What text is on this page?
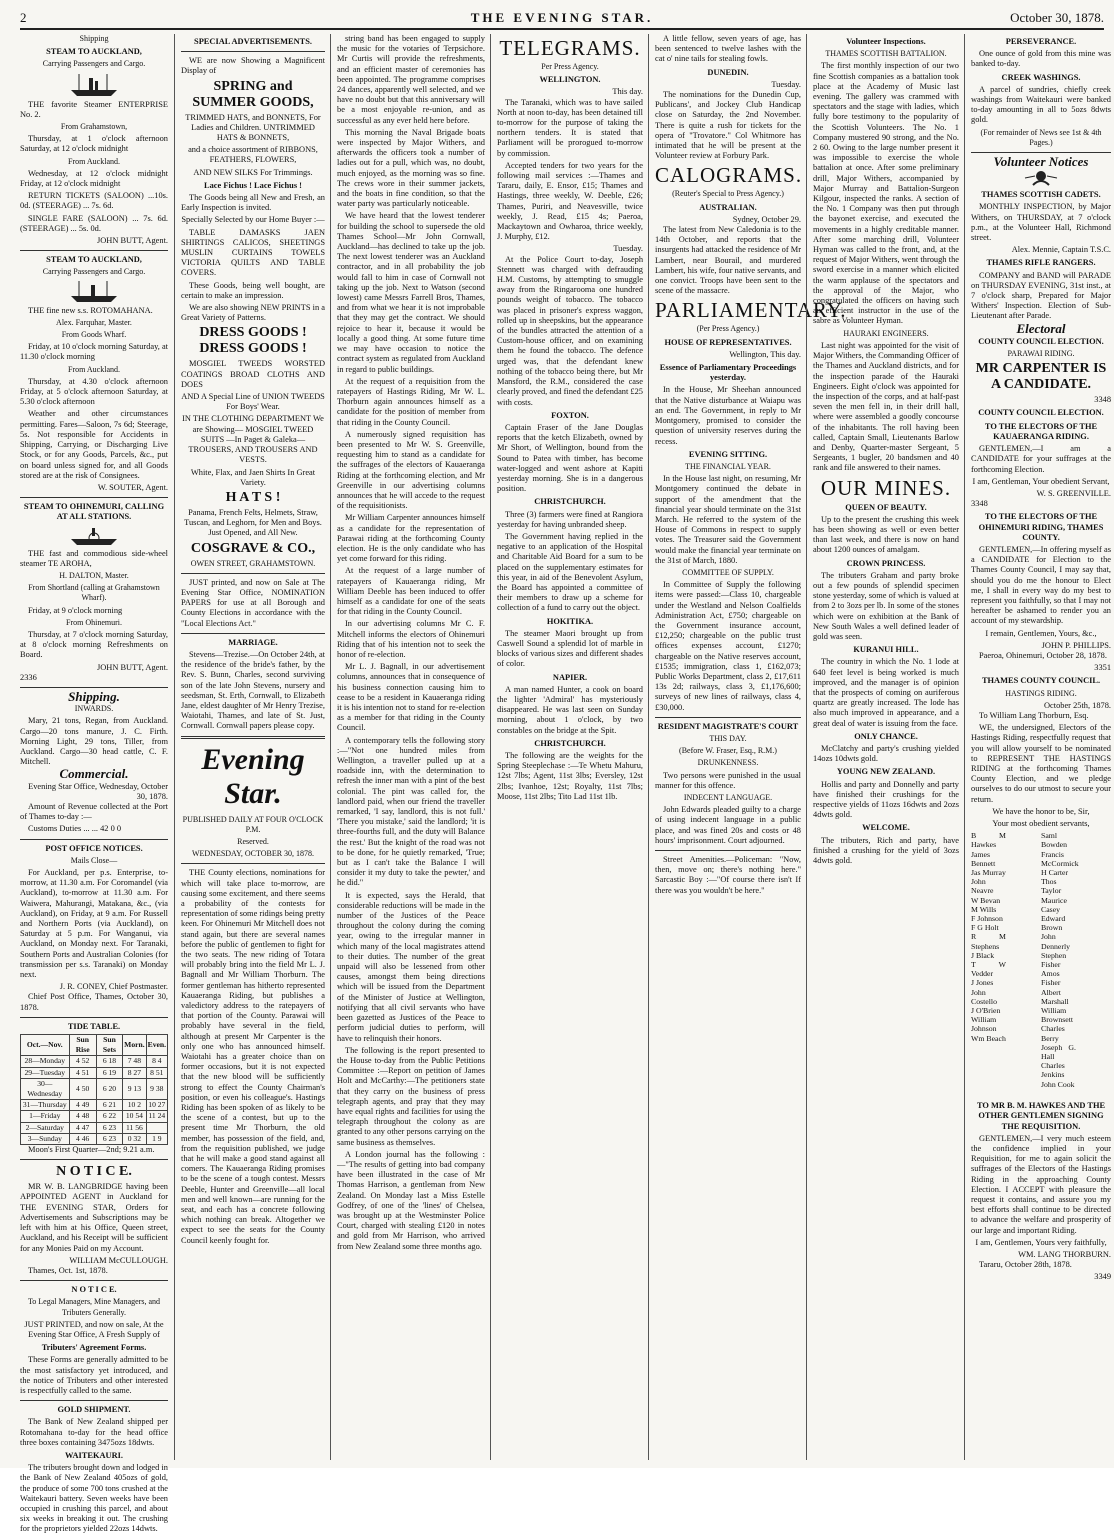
2	THE EVENING STAR.	October 30, 1878.
Shipping
STEAM TO AUCKLAND,
Carrying Passengers and Cargo.

THE favorite Steamer ENTERPRISE No. 2.

From Grahamstown,

Thursday, at 1 o'clock afternoon Saturday, at 12 o'clock midnight

From Auckland.

Wednesday, at 12 o'clock midnight Friday, at 12 o'clock midnight

RETURN TICKETS (SALOON) ...10s. 0d. (STEERAGE) ... 7s. 6d.

SINGLE FARE (SALOON) ... 7s. 6d. (STEERAGE) ... 5s. 0d.

JOHN BUTT, Agent.
STEAM TO AUCKLAND,
Carrying Passengers and Cargo.

THE fine new s.s. ROTOMAHANA.

Alex. Farquhar, Master.
From Goods Wharf.

Friday, at 10 o'clock morning Saturday, at 11.30 o'clock morning

From Auckland.

Thursday, at 4.30 o'clock afternoon Friday, at 5 o'clock afternoon Saturday, at 5.30 o'clock afternoon

Weather and other circumstances permitting. Fares—Saloon, 7s 6d; Steerage, 5s. Not responsible for Accidents in Shipping, Carrying, or Discharging Live Stock, or for any Goods, Parcels, &c., put on board unless signed for, and all Goods stored are at the risk of Consignees.

W. SOUTER, Agent.
STEAM TO OHINEMURI, CALLING AT ALL STATIONS.

THE fast and commodious side-wheel steamer TE AROHA,

H. DALTON, Master.
From Shortland (calling at Grahamstown Wharf).

Friday, at 9 o'clock morning

From Ohinemuri.

Thursday, at 7 o'clock morning Saturday, at 8 o'clock morning Refreshments on Board.

JOHN BUTT, Agent.
2336
Shipping.
INWARDS.

Mary, 21 tons, Regan, from Auckland. Cargo—20 tons manure, J. C. Firth. Morning Light, 29 tons, Tiller, from Auckland. Cargo—30 head cattle, C. F. Mitchell.

Commercial.
Evening Star Office, Wednesday, October 30, 1878.

Amount of Revenue collected at the Port of Thames to-day :—

Customs Duties ... ... 42 0 0

POST OFFICE NOTICES.
Mails Close—

For Auckland, per p.s. Enterprise, to-morrow, at 11.30 a.m. For Coromandel (via Auckland), to-morrow at 11.30 a.m. For Waiwera, Mahurangi, Matakana, &c., (via Auckland), on Friday, at 9 a.m. For Russell and Northern Ports (via Auckland), on Saturday at 5 p.m. For Wanganui, via Auckland, on Monday next. For Taranaki, Southern Ports and Australian Colonies (for transmission per s.s. Taranaki) on Monday next.

J. R. CONEY, Chief Postmaster.

Chief Post Office, Thames, October 30, 1878.

TIDE TABLE.
Oct.—Nov.	Sun Rise	Sun Sets	Morn.	Even.
28—Monday	4 52	6 18	7 48	8 4
29—Tuesday	4 51	6 19	8 27	8 51
30—Wednesday	4 50	6 20	9 13	9 38
31—Thursday	4 49	6 21	10 2	10 27
1—Friday	4 48	6 22	10 54	11 24
2—Saturday	4 47	6 23	11 56	
3—Sunday	4 46	6 23	0 32	1 9

Moon's First Quarter—2nd; 9.21 a.m.

N O T I C E.

MR W. B. LANGBRIDGE having been APPOINTED AGENT in Auckland for THE EVENING STAR, Orders for Advertisements and Subscriptions may be left with him at his Office, Queen street, Auckland, and his Receipt will be sufficient for any Monies Paid on my Account.

WILLIAM McCULLOUGH.

Thames, Oct. 1st, 1878.

N O T I C E.
To Legal Managers, Mine Managers, and Tributers Generally.

JUST PRINTED, and now on sale, At the Evening Star Office, A Fresh Supply of

Tributers' Agreement Forms.

These Forms are generally admitted to be the most satisfactory yet introduced, and the notice of Tributers and other interested is respectfully called to the same.

GOLD SHIPMENT.

The Bank of New Zealand shipped per Rotomahana to-day for the head office three boxes containing 3475ozs 18dwts.

WAITEKAURI.

The tributers brought down and lodged in the Bank of New Zealand 405ozs of gold, the produce of some 700 tons crushed at the Waitekauri battery. Seven weeks have been occupied in crushing this parcel, and about six weeks in breaking it out. The crushing for the proprietors yielded 22ozs 14dwts.

SPECIAL ADVERTISEMENTS.

WE are now Showing a Magnificent Display of

SPRING and SUMMER GOODS,

TRIMMED HATS, and BONNETS, For Ladies and Children. UNTRIMMED HATS & BONNETS,

and a choice assortment of RIBBONS, FEATHERS, FLOWERS,

AND NEW SILKS For Trimmings.

Lace Fichus ! Lace Fichus !

The Goods being all New and Fresh, an Early Inspection is invited.

Specially Selected by our Home Buyer :—

TABLE DAMASKS JAEN SHIRTINGS CALICOS, SHEETINGS MUSLIN CURTAINS TOWELS VICTORIA QUILTS AND TABLE COVERS.

These Goods, being well bought, are certain to make an impression.

We are also showing NEW PRINTS in a Great Variety of Patterns.

DRESS GOODS ! DRESS GOODS !

MOSGIEL TWEEDS WORSTED COATINGS BROAD CLOTHS AND DOES

AND A Special Line of UNION TWEEDS For Boys' Wear.

IN THE CLOTHING DEPARTMENT We are Showing— MOSGIEL TWEED SUITS —In Paget & Galeka— TROUSERS, AND TROUSERS AND VESTS.

White, Flax, and Jaen Shirts In Great Variety.

H A T S !

Panama, French Felts, Helmets, Straw, Tuscan, and Leghorn, for Men and Boys. Just Opened, and All New.

COSGRAVE & CO.,
OWEN STREET, GRAHAMSTOWN.

JUST printed, and now on Sale at The Evening Star Office, NOMINATION PAPERS for use at all Borough and County Elections in accordance with the "Local Elections Act."

MARRIAGE.

Stevens—Trezise.—On October 24th, at the residence of the bride's father, by the Rev. S. Bunn, Charles, second surviving son of the late John Stevens, nursery and seedsman, St. Erth, Cornwall, to Elizabeth Jane, eldest daughter of Mr Henry Trezise, Waiotahi, Thames, and late of St. Just, Cornwall. Cornwall papers please copy.

Evening Star.
PUBLISHED DAILY AT FOUR O'CLOCK P.M.
Reserved.
WEDNESDAY, OCTOBER 30, 1878.

THE County elections, nominations for which will take place to-morrow, are causing some excitement, and there seems a probability of the contests for representation of some ridings being pretty keen. For Ohinemuri Mr Mitchell does not stand again, but there are several names before the public of gentlemen to fight for the two seats. The new riding of Totara will probably bring into the field Mr L. J. Bagnall and Mr William Thorburn. The former gentleman has hitherto represented Kauaeranga Riding, but publishes a valedictory address to the ratepayers of that portion of the County. Parawai will probably have several in the field, although at present Mr Carpenter is the only one who has announced himself. Waiotahi has a greater choice than on former occasions, but it is not expected that the new blood will be sufficiently strong to effect the County Chairman's position, or even his colleague's. Hastings Riding has been spoken of as likely to be the scene of a contest, but up to the present time Mr Thorburn, the old member, has possession of the field, and, from the requisition published, we judge that he will make a good stand against all comers. The Kauaeranga Riding promises to be the scene of a tough contest. Messrs Deeble, Hunter and Greenville—all local men and well known—are running for the seat, and each has a concrete following which nothing can break. Altogether we expect to see the seats for the County Council keenly fought for.

string band has been engaged to supply the music for the votaries of Terpsichore. Mr Curtis will provide the refreshments, and an efficient master of ceremonies has been appointed. The programme comprises 24 dances, apparently well selected, and we have no doubt but that this anniversary will be a most enjoyable re-union, and as successful as any ever held here before.

This morning the Naval Brigade boats were inspected by Major Withers, and afterwards the officers took a number of ladies out for a pull, which was, no doubt, much enjoyed, as the morning was so fine. The crews wore in their summer jackets, and the boats in fine condition, so that the water party was particularly noticeable.

We have heard that the lowest tenderer for building the school to supersede the old Thames School—Mr John Cornwall, Auckland—has declined to take up the job. The next lowest tenderer was an Auckland contractor, and in all probability the job would fall to him in case of Cornwall not taking up the job. Next to Watson (second lowest) came Messrs Farrell Bros, Thames, and from what we hear it is not improbable that they may get the contract. We should rejoice to hear it, because it would be locally a good thing. At some future time we may have occasion to notice the contract system as regulated from Auckland in regard to public buildings.

At the request of a requisition from the ratepayers of Hastings Riding, Mr W. L. Thorburn again announces himself as a candidate for the position of member from that riding in the County Council.

A numerously signed requisition has been presented to Mr W. S. Greenville, requesting him to stand as a candidate for the suffrages of the electors of Kauaeranga Riding at the forthcoming election, and Mr Greenville in our advertising columns announces that he will accede to the request of the requisitionists.

Mr William Carpenter announces himself as a candidate for the representation of Parawai riding at the forthcoming County election. He is the only candidate who has yet come forward for this riding.

At the request of a large number of ratepayers of Kauaeranga riding, Mr William Deeble has been induced to offer himself as a candidate for one of the seats for that riding in the County Council.

In our advertising columns Mr C. F. Mitchell informs the electors of Ohinemuri Riding that of his intention not to seek the honor of re-election.

Mr L. J. Bagnall, in our advertisement columns, announces that in consequence of his business connection causing him to cease to be a resident in Kauaeranga riding it is his intention not to stand for re-election as a member for that riding in the County Council.

A contemporary tells the following story :—"Not one hundred miles from Wellington, a traveller pulled up at a roadside inn, with the determination to refresh the inner man with a pint of the best colonial. The pint was called for, the landlord paid, when our friend the traveller remarked, 'I say, landlord, this is not full.' 'There you mistake,' said the landlord; 'it is three-fourths full, and the duty will Balance the rest.' But the knight of the road was not to be done, for he quietly remarked, 'True; but as I can't take the Balance I will consider it my duty to take the pewter,' and he did."

It is expected, says the Herald, that considerable reductions will be made in the number of the Justices of the Peace throughout the colony during the coming year, owing to the irregular manner in which many of the local magistrates attend to their duties. The number of the great unpaid will also be lessened from other causes, amongst them being directions which will be issued from the Department of the Minister of Justice at Wellington, notifying that all civil servants who have been gazetted as Justices of the Peace to perform judicial duties to perform, will have to relinquish their honors.

The following is the report presented to the House to-day from the Public Petitions Committee :—Report on petition of James Holt and McCarthy:—The petitioners state that they carry on the business of press telegraph agents, and pray that they may have equal rights and facilities for using the telegraph throughout the colony as are granted to any other persons carrying on the same business as themselves.

A London journal has the following :—"The results of getting into bad company have been illustrated in the case of Mr Thomas Harrison, a gentleman from New Zealand. On Monday last a Miss Estelle Godfrey, of one of the 'lines' of Chelsea, was brought up at the Westminster Police Court, charged with stealing £120 in notes and gold from Mr Harrison, who arrived from New Zealand some three months ago.

TELEGRAMS.
Per Press Agency.
WELLINGTON.
This day.

The Taranaki, which was to have sailed North at noon to-day, has been detained till to-morrow for the purpose of taking the northern tenders. It is stated that Parliament will be prorogued to-morrow by commission.

Accepted tenders for two years for the following mail services :—Thames and Tararu, daily, E. Ensor, £15; Thames and Hastings, three weekly, W. Deeble, £26; Thames, Puriri, and Neavesville, twice weekly, J. Read, £15 4s; Paeroa, Mackaytown and Owharoa, thrice weekly, J. Murphy, £12.

Tuesday.

At the Police Court to-day, Joseph Stennett was charged with defrauding H.M. Customs, by attempting to smuggle away from the Ringarooma one hundred pounds weight of tobacco. The tobacco was placed in prisoner's express waggon, rolled up in sheepskins, but the appearance of the bundles attracted the attention of a Custom-house officer, and on examining them he found the tobacco. The defence urged was, that the defendant knew nothing of the tobacco being there, but Mr Mansford, the R.M., considered the case clearly proved, and fined the defendant £25 with costs.

FOXTON.

Captain Fraser of the Jane Douglas reports that the ketch Elizabeth, owned by Mr Short, of Wellington, bound from the Sound to Patea with timber, has become water-logged and went ashore at Kapiti yesterday morning. She is in a dangerous position.

CHRISTCHURCH.

Three (3) farmers were fined at Rangiora yesterday for having unbranded sheep.

The Government having replied in the negative to an application of the Hospital and Charitable Aid Board for a sum to be placed on the supplementary estimates for this year, in aid of the Benevolent Asylum, the Board has appointed a committee of their members to draw up a scheme for collection of a fund to carry out the object.

HOKITIKA.

The steamer Maori brought up from Caswell Sound a splendid lot of marble in blocks of various sizes and different shades of color.

NAPIER.

A man named Hunter, a cook on board the lighter 'Admiral' has mysteriously disappeared. He was last seen on Sunday morning, about 1 o'clock, by two constables on the bridge at the Spit.

CHRISTCHURCH.

The following are the weights for the Spring Steeplechase :—Te Whetu Mahuru, 12st 7lbs; Agent, 11st 3lbs; Eversley, 12st 2lbs; Ivanhoe, 12st; Royalty, 11st 7lbs; Moose, 11st 2lbs; Tito Lad 11st 1lb.

A little fellow, seven years of age, has been sentenced to twelve lashes with the cat o' nine tails for stealing fowls.

DUNEDIN.
Tuesday.

The nominations for the Dunedin Cup, Publicans', and Jockey Club Handicap close on Saturday, the 2nd November. There is quite a rush for tickets for the opera of "Trovatore." Col Whitmore has intimated that he will be present at the Volunteer review at Forbury Park.

CALOGRAMS.
(Reuter's Special to Press Agency.)
AUSTRALIAN.
Sydney, October 29.

The latest from New Caledonia is to the 14th October, and reports that the insurgents had attacked the residence of Mr Lambert, near Bourail, and murdered Lambert, his wife, four native servants, and one convict. Troops have been sent to the scene of the massacre.

PARLIAMENTARY.
(Per Press Agency.)
HOUSE OF REPRESENTATIVES.
Wellington, This day.
Essence of Parliamentary Proceedings yesterday.

In the House, Mr Sheehan announced that the Native disturbance at Waiapu was an end. The Government, in reply to Mr Montgomery, promised to consider the question of university reserves during the recess.

EVENING SITTING.
THE FINANCIAL YEAR.

In the House last night, on resuming, Mr Montgomery continued the debate in support of the amendment that the financial year should terminate on the 31st March. He referred to the system of the House of Commons in respect to supply votes. The Treasurer said the Government would make the financial year terminate on the 31st of March, 1880.

COMMITTEE OF SUPPLY.

In Committee of Supply the following items were passed:—Class 10, chargeable under the Westland and Nelson Coalfields Administration Act, £750; chargeable on the Government insurance account, £12,250; chargeable on the public trust offices expenses account, £1270; chargeable on the Native reserves account, £1535; immigration, class 1, £162,073; Public Works Department, class 2, £17,611 13s 2d; railways, class 3, £1,176,600; surveys of new lines of railways, class 4, £30,000.

RESIDENT MAGISTRATE'S COURT
THIS DAY.
(Before W. Fraser, Esq., R.M.)
DRUNKENNESS.

Two persons were punished in the usual manner for this offence.

INDECENT LANGUAGE.

John Edwards pleaded guilty to a charge of using indecent language in a public place, and was fined 20s and costs or 48 hours' imprisonment. Court adjourned.

Street Amenities.—Policeman: "Now, then, move on; there's nothing here." Sarcastic Boy :—"Of course there isn't If there was you wouldn't be here."

Volunteer Inspections.
THAMES SCOTTISH BATTALION.

The first monthly inspection of our two fine Scottish companies as a battalion took place at the Academy of Music last evening. The gallery was crammed with spectators and the stage with ladies, which fully bore testimony to the popularity of the Scottish Volunteers. The No. 1 Company mustered 90 strong, and the No. 2 60. Owing to the large number present it was impossible to exercise the whole battalion at once. After some preliminary drill, Major Withers, accompanied by Major Murray and Battalion-Surgeon Kilgour, inspected the ranks. A section of the No. 1 Company was then put through the bayonet exercise, and executed the movements in a highly creditable manner. After some marching drill, Volunteer Hyman was called to the front, and, at the request of Major Withers, went through the sword exercise in a manner which elicited the warm applause of the spectators and the approval of the Major, who congratulated the officers on having such an efficient instructor in the use of the sabre as Volunteer Hyman.

HAURAKI ENGINEERS.

Last night was appointed for the visit of Major Withers, the Commanding Officer of the Thames and Auckland districts, and for the inspection parade of the Hauraki Engineers. Eight o'clock was appointed for the inspection of the corps, and at half-past seven the men fell in, in their drill hall, where were assembled a goodly concourse of the inhabitants. The roll having been called, Captain Small, Lieutenants Barlow and Denby, Quarter-master Sergeant, 5 Sergeants, 1 bugler, 20 bandsmen and 40 rank and file answered to their names.

OUR MINES.
QUEEN OF BEAUTY.

Up to the present the crushing this week has been showing as well or even better than last week, and there is now on hand about 1200 ounces of amalgam.

CROWN PRINCESS.

The tributers Graham and party broke out a few pounds of splendid specimen stone yesterday, some of which is valued at from 2 to 3ozs per lb. In some of the stones which were on exhibition at the Bank of New South Wales a well defined leader of gold was seen.

KURANUI HILL.

The country in which the No. 1 lode at 640 feet level is being worked is much improved, and the manager is of opinion that the prospects of coming on auriferous quartz are greatly increased. The lode has also much improved in appearance, and a great deal of water is issuing from the face.

ONLY CHANCE.

McClatchy and party's crushing yielded 14ozs 10dwts gold.

YOUNG NEW ZEALAND.

Hollis and party and Donnelly and party have finished their crushings for the respective yields of 11ozs 16dwts and 2ozs 4dwts gold.

WELCOME.

The tributers, Rich and party, have finished a crushing for the yield of 3ozs 4dwts gold.

PERSEVERANCE.

One ounce of gold from this mine was banked to-day.

CREEK WASHINGS.

A parcel of sundries, chiefly creek washings from Waitekauri were banked to-day amounting in all to 5ozs 8dwts gold.

(For remainder of News see 1st & 4th Pages.)
Volunteer Notices
THAMES SCOTTISH CADETS.

MONTHLY INSPECTION, by Major Withers, on THURSDAY, at 7 o'clock p.m., at the Volunteer Hall, Richmond street.

Alex. Mennie, Captain T.S.C.
THAMES RIFLE RANGERS.

COMPANY and BAND will PARADE on THURSDAY EVENING, 31st inst., at 7 o'clock sharp, Prepared for Major Withers' Inspection. Election of Sub-Lieutenant after Parade.

Electoral
COUNTY COUNCIL ELECTION.
PARAWAI RIDING.
MR CARPENTER IS A CANDIDATE.
3348
COUNTY COUNCIL ELECTION.
TO THE ELECTORS OF THE KAUAERANGA RIDING.

GENTLEMEN,—I am a CANDIDATE for your suffrages at the forthcoming Election.

I am, Gentleman, Your obedient Servant,

W. S. GREENVILLE.
3348
TO THE ELECTORS OF THE OHINEMURI RIDING, THAMES COUNTY.

GENTLEMEN,—In offering myself as a CANDIDATE for Election to the Thames County Council, I may say that, should you do me the honour to Elect me, I shall in every way do my best to represent you faithfully, so that I may not hereafter be ashamed to render you an account of my stewardship.

I remain, Gentlemen, Yours, &c.,

JOHN P. PHILLIPS.

Paeroa, Ohinemuri, October 28, 1878.

3351
THAMES COUNTY COUNCIL.
HASTINGS RIDING.
October 25th, 1878.

To William Lang Thorburn, Esq.

WE, the undersigned, Electors of the Hastings Riding, respectfully request that you will allow yourself to be nominated to REPRESENT THE HASTINGS RIDING at the forthcoming Thames County Election, and we pledge ourselves to do our utmost to secure your return.

We have the honor to be, Sir,

Your most obedient servants,

B M Hawkes
James Bennett
Jas Murray
John Neavre
W Bevan
M Wills
F Johnson
F G Holt
R M Stephens
J Black
T W Vedder
J Jones
John Costello
J O'Brien
William Johnson
Wm Beach
Saml Bowden
Francis McCormick
H Carter
Thos Taylor
Maurice Casey
Edward Brown
John Dennerly
Stephen Fisher
Amos Fisher
Albert Marshall
William Brownsett
Charles Berry
Joseph G. Hall
Charles Jenkins
John Cook

TO MR B. M. HAWKES AND THE OTHER GENTLEMEN SIGNING THE REQUISITION.

GENTLEMEN,—I very much esteem the confidence implied in your Requisition, for me to again solicit the suffrages of the Electors of the Hastings Riding in the approaching County Election. I ACCEPT with pleasure the request it contains, and assure you my best efforts shall continue to be directed to advance the welfare and prosperity of our large and important Riding.

I am, Gentlemen, Yours very faithfully,

WM. LANG THORBURN.

Tararu, October 28th, 1878.

3349
